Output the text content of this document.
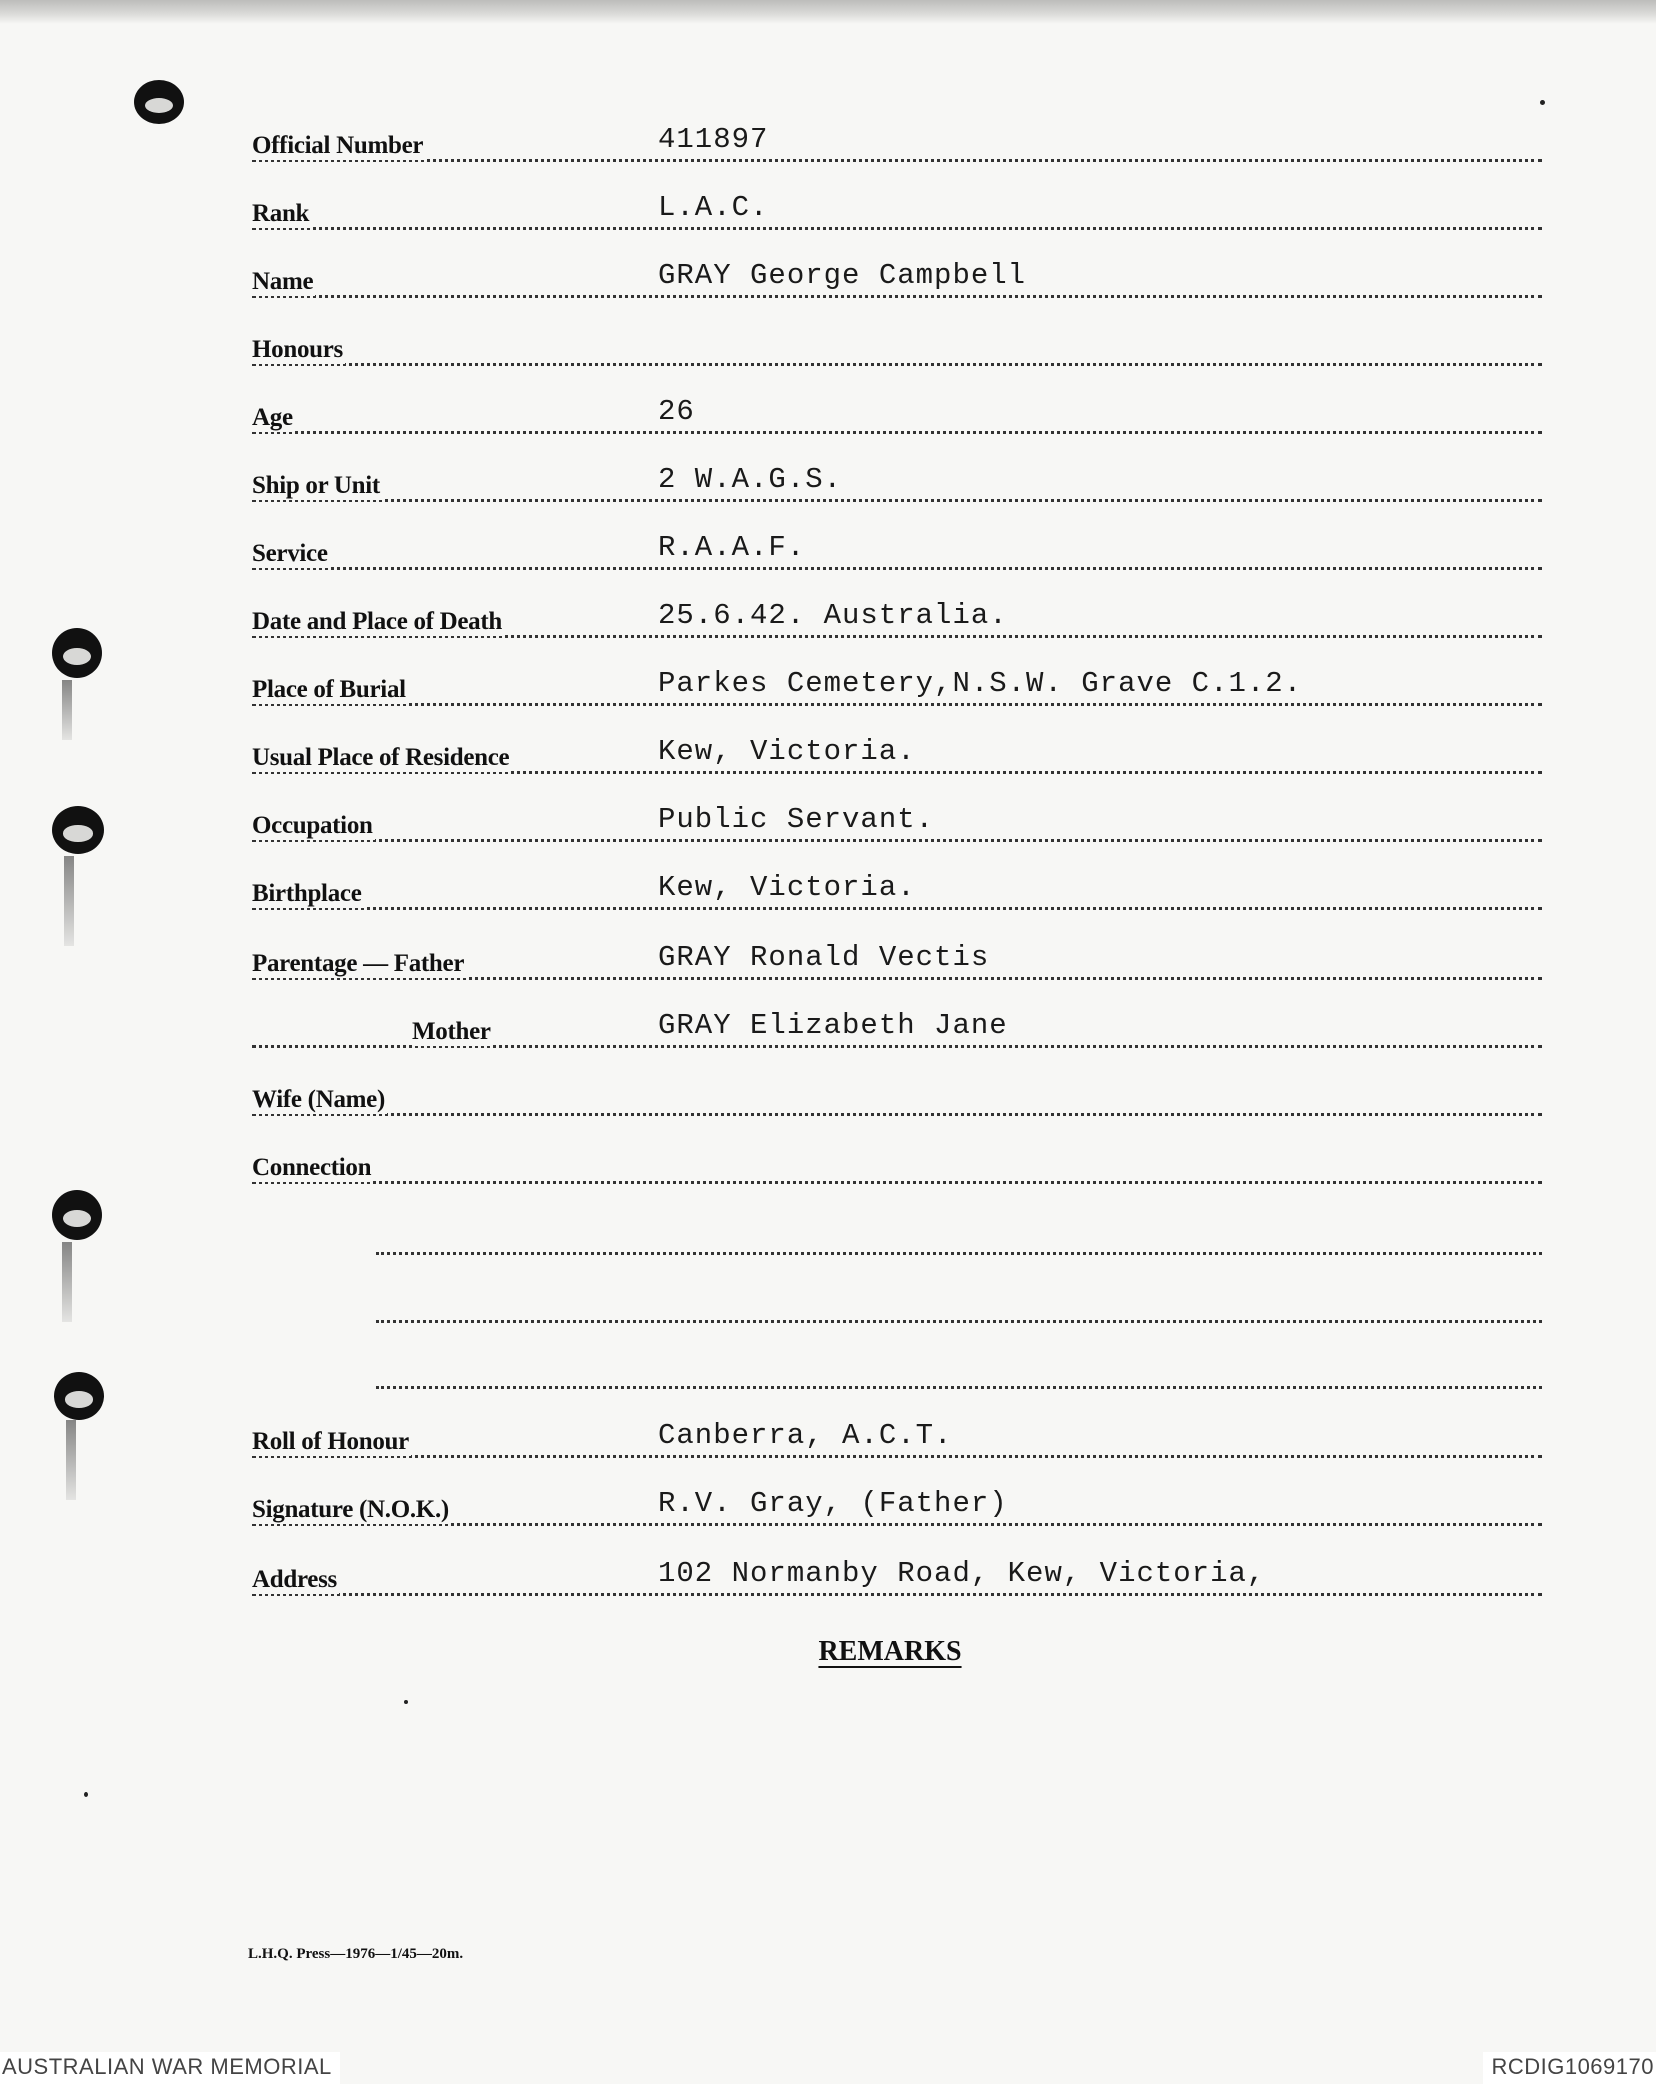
Official Number	411897
Rank	L.A.C.
Name	GRAY George Campbell
Honours
Age	26
Ship or Unit	2 W.A.G.S.
Service	R.A.A.F.
Date and Place of Death	25.6.42. Australia.
Place of Burial	Parkes Cemetery,N.S.W. Grave C.1.2.
Usual Place of Residence	Kew, Victoria.
Occupation	Public Servant.
Birthplace	Kew, Victoria.
Parentage — Father	GRAY Ronald Vectis
Mother	GRAY Elizabeth Jane
Wife (Name)
Connection
Roll of Honour	Canberra, A.C.T.
Signature (N.O.K.)	R.V. Gray, (Father)
Address	102 Normanby Road, Kew, Victoria,
REMARKS
L.H.Q. Press—1976—1/45—20m.
AUSTRALIAN WAR MEMORIAL	RCDIG1069170
